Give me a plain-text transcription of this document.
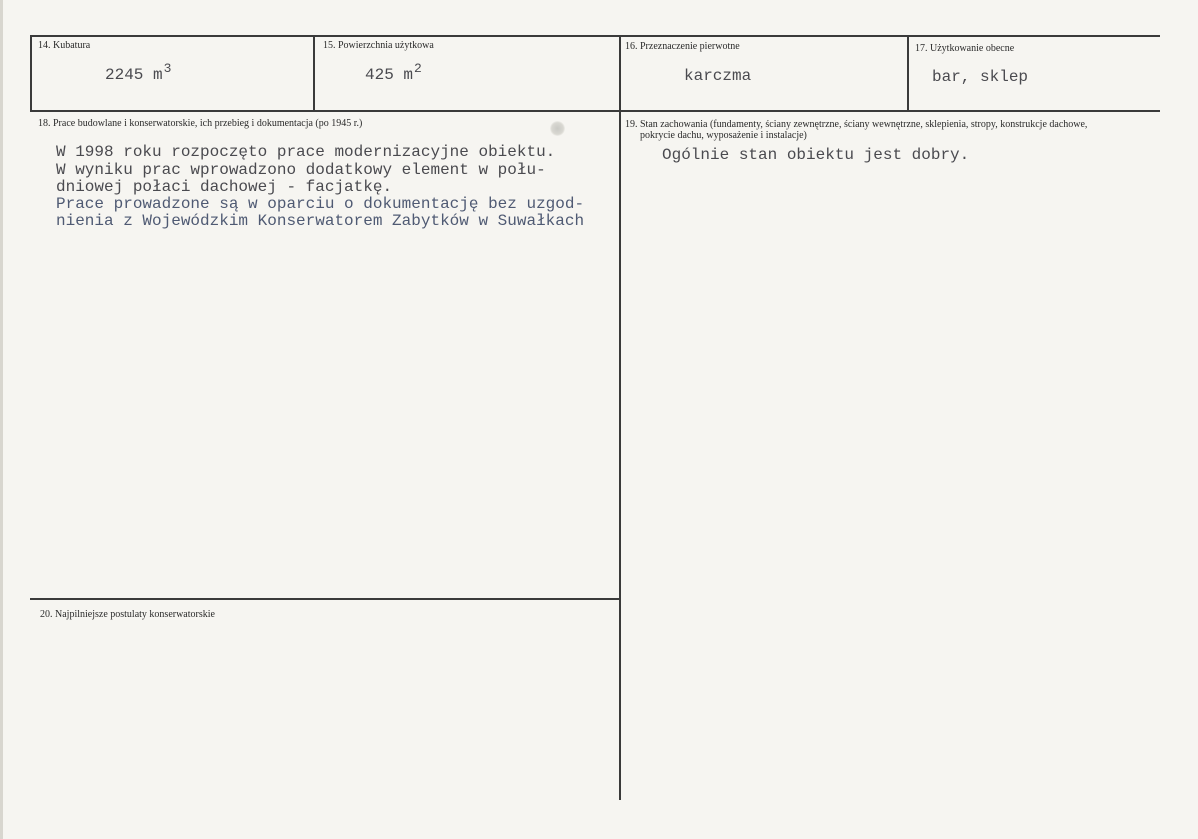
14. Kubatura
2245 $m^3$
15. Powierzchnia użytkowa
425 $m^2$
16. Przeznaczenie pierwotne
karczma
17. Użytkowanie obecne
bar, sklep
18. Prace budowlane i konserwatorskie, ich przebieg i dokumentacja (po 1945 r.)
W 1998 roku rozpoczęto prace modernizacyjne obiektu.
W wyniku prac wprowadzono dodatkowy element w połu-
dniowej połaci dachowej - facjatkę.
Prace prowadzone są w oparciu o dokumentację bez uzgod-
nienia z Wojewódzkim Konserwatorem Zabytków w Suwałkach
19. Stan zachowania (fundamenty, ściany zewnętrzne, ściany wewnętrzne, sklepienia, stropy, konstrukcje dachowe,
pokrycie dachu, wyposażenie i instalacje)
Ogólnie stan obiektu jest dobry.
20. Najpilniejsze postulaty konserwatorskie
